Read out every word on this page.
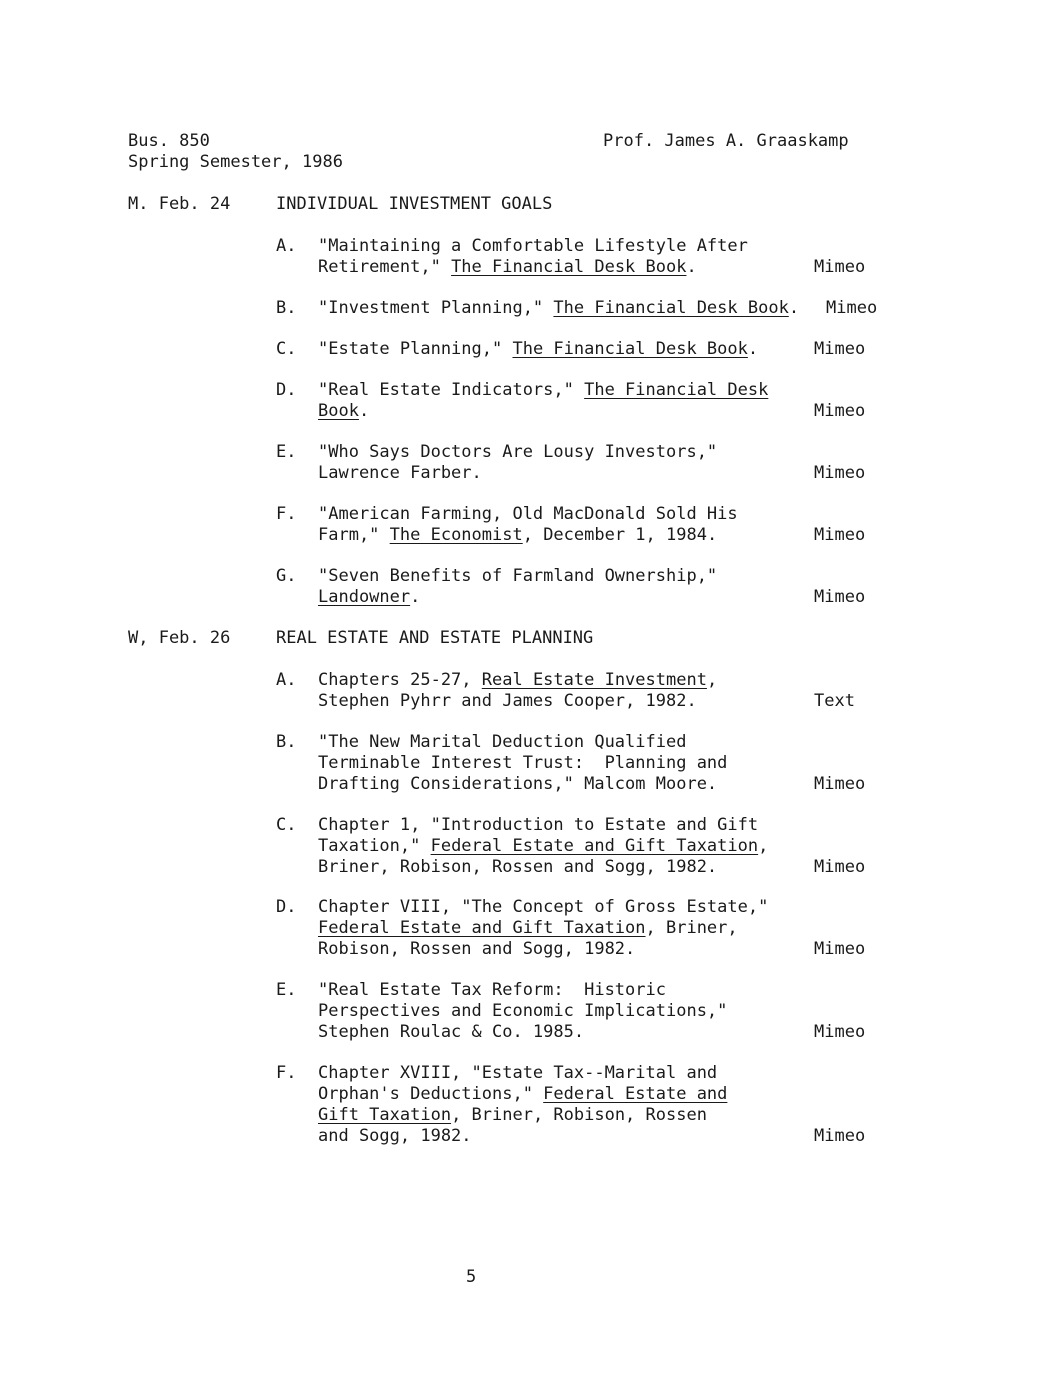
Bus. 850
Spring Semester, 1986
Prof. James A. Graaskamp
M. Feb. 24	INDIVIDUAL INVESTMENT GOALS
A. "Maintaining a Comfortable Lifestyle After
Retirement," The Financial Desk Book.	Mimeo
B. "Investment Planning," The Financial Desk Book. Mimeo
C. "Estate Planning," The Financial Desk Book.	Mimeo
D. "Real Estate Indicators," The Financial Desk
Book.	Mimeo
E. "Who Says Doctors Are Lousy Investors,"
Lawrence Farber.	Mimeo
F. "American Farming, Old MacDonald Sold His
Farm," The Economist, December 1, 1984.	Mimeo
G. "Seven Benefits of Farmland Ownership,"
Landowner.	Mimeo
W, Feb. 26	REAL ESTATE AND ESTATE PLANNING
A. Chapters 25-27, Real Estate Investment,
Stephen Pyhrr and James Cooper, 1982.	Text
B. "The New Marital Deduction Qualified
Terminable Interest Trust:  Planning and
Drafting Considerations," Malcom Moore.	Mimeo
C. Chapter 1, "Introduction to Estate and Gift
Taxation," Federal Estate and Gift Taxation,
Briner, Robison, Rossen and Sogg, 1982.	Mimeo
D. Chapter VIII, "The Concept of Gross Estate,"
Federal Estate and Gift Taxation, Briner,
Robison, Rossen and Sogg, 1982.	Mimeo
E. "Real Estate Tax Reform:  Historic
Perspectives and Economic Implications,"
Stephen Roulac & Co. 1985.	Mimeo
F. Chapter XVIII, "Estate Tax--Marital and
Orphan's Deductions," Federal Estate and
Gift Taxation, Briner, Robison, Rossen
and Sogg, 1982.	Mimeo
5
